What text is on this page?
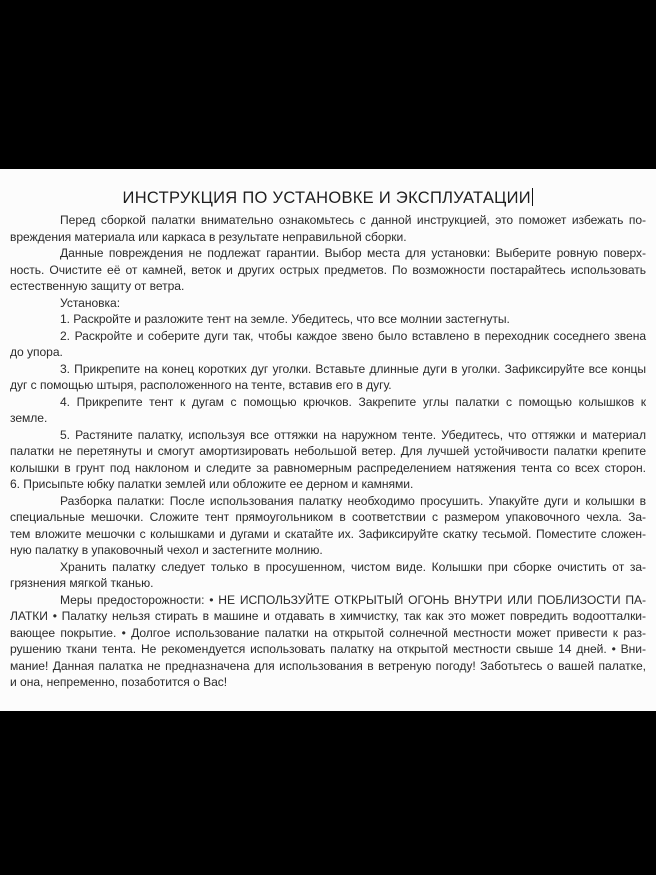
ИНСТРУКЦИЯ ПО УСТАНОВКЕ И ЭКСПЛУАТАЦИИ
Перед сборкой палатки внимательно ознакомьтесь с данной инструкцией, это поможет избежать по-
вреждения материала или каркаса в результате неправильной сборки.
Данные повреждения не подлежат гарантии. Выбор места для установки: Выберите ровную поверх-
ность. Очистите её от камней, веток и других острых предметов. По возможности постарайтесь использовать
естественную защиту от ветра.
Установка:
1. Раскройте и разложите тент на земле. Убедитесь, что все молнии застегнуты.
2. Раскройте и соберите дуги так, чтобы каждое звено было вставлено в переходник соседнего звена
до упора.
3. Прикрепите на конец коротких дуг уголки. Вставьте длинные дуги в уголки. Зафиксируйте все концы
дуг с помощью штыря, расположенного на тенте, вставив его в дугу.
4. Прикрепите тент к дугам с помощью крючков. Закрепите углы палатки с помощью колышков к
земле.
5. Растяните палатку, используя все оттяжки на наружном тенте. Убедитесь, что оттяжки и материал
палатки не перетянуты и смогут амортизировать небольшой ветер. Для лучшей устойчивости палатки крепите
колышки в грунт под наклоном и следите за равномерным распределением натяжения тента со всех сторон.
6. Присыпьте юбку палатки землей или обложите ее дерном и камнями.
Разборка палатки: После использования палатку необходимо просушить. Упакуйте дуги и колышки в
специальные мешочки. Сложите тент прямоугольником в соответствии с размером упаковочного чехла. За-
тем вложите мешочки с колышками и дугами и скатайте их. Зафиксируйте скатку тесьмой. Поместите сложен-
ную палатку в упаковочный чехол и застегните молнию.
Хранить палатку следует только в просушенном, чистом виде. Колышки при сборке очистить от за-
грязнения мягкой тканью.
Меры предосторожности: • НЕ ИСПОЛЬЗУЙТЕ ОТКРЫТЫЙ ОГОНЬ ВНУТРИ ИЛИ ПОБЛИЗОСТИ ПА-
ЛАТКИ • Палатку нельзя стирать в машине и отдавать в химчистку, так как это может повредить водоотталки-
вающее покрытие. • Долгое использование палатки на открытой солнечной местности может привести к раз-
рушению ткани тента. Не рекомендуется использовать палатку на открытой местности свыше 14 дней. • Вни-
мание! Данная палатка не предназначена для использования в ветреную погоду! Заботьтесь о вашей палатке,
и она, непременно, позаботится о Вас!
